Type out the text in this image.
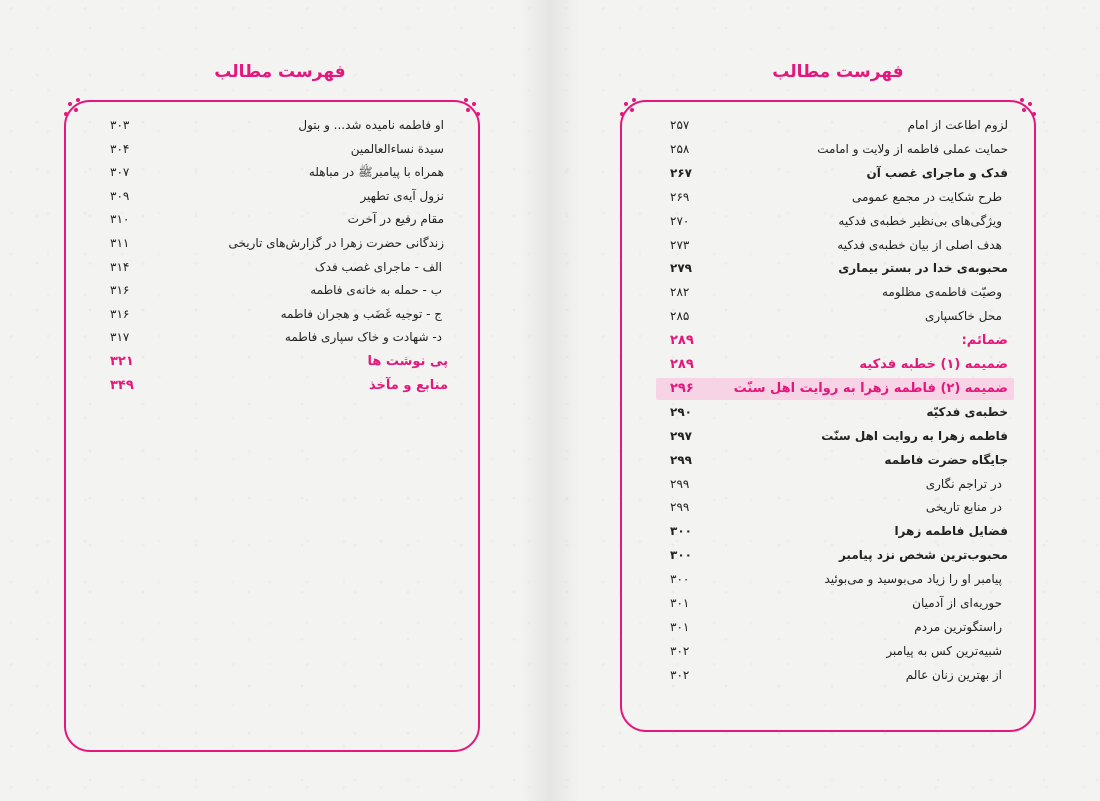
فهرست مطالب
او فاطمه نامیده شد... و بتول
۳۰۳
سیدة نساءالعالمین
۳۰۴
همراه با پیامبرﷺ در مباهله
۳۰۷
نزول آیه‌ی تطهیر
۳۰۹
مقام رفیع در آخرت
۳۱۰
زندگانی حضرت زهرا در گزارش‌های تاریخی
۳۱۱
الف - ماجرای غصب فدک
۳۱۴
ب - حمله به خانه‌ی فاطمه
۳۱۶
ج - توجیه غَضَب و هجران فاطمه
۳۱۶
د- شهادت و خاک سپاری فاطمه
۳۱۷
پی نوشت ها
۳۲۱
منابع و مآخذ
۳۴۹
فهرست مطالب
لزوم اطاعت از امام
۲۵۷
حمایت عملی فاطمه از ولایت و امامت
۲۵۸
فدک و ماجرای غصب آن
۲۶۷
طرح شکایت در مجمع عمومی
۲۶۹
ویژگی‌های بی‌نظیر خطبه‌ی فدکیه
۲۷۰
هدف اصلی از بیان خطبه‌ی فدکیه
۲۷۳
محبوبه‌ی خدا در بستر بیماری
۲۷۹
وصیّت فاطمه‌ی مظلومه
۲۸۲
محل خاکسپاری
۲۸۵
ضمائم:
۲۸۹
ضمیمه (۱) خطبه فدکیه
۲۸۹
ضمیمه (۲) فاطمه زهرا به روایت اهل سنّت
۲۹۶
خطبه‌ی فدکیّه
۲۹۰
فاطمه زهرا به روایت اهل سنّت
۲۹۷
جایگاه حضرت فاطمه
۲۹۹
در تراجم نگاری
۲۹۹
در منابع تاریخی
۲۹۹
فضایل فاطمه زهرا
۳۰۰
محبوب‌ترین شخص نزد پیامبر
۳۰۰
پیامبر او را زیاد می‌بوسید و می‌بوئید
۳۰۰
حوریه‌ای از آدمیان
۳۰۱
راستگوترین مردم
۳۰۱
شبیه‌ترین کس به پیامبر
۳۰۲
از بهترین زنان عالم
۳۰۲
